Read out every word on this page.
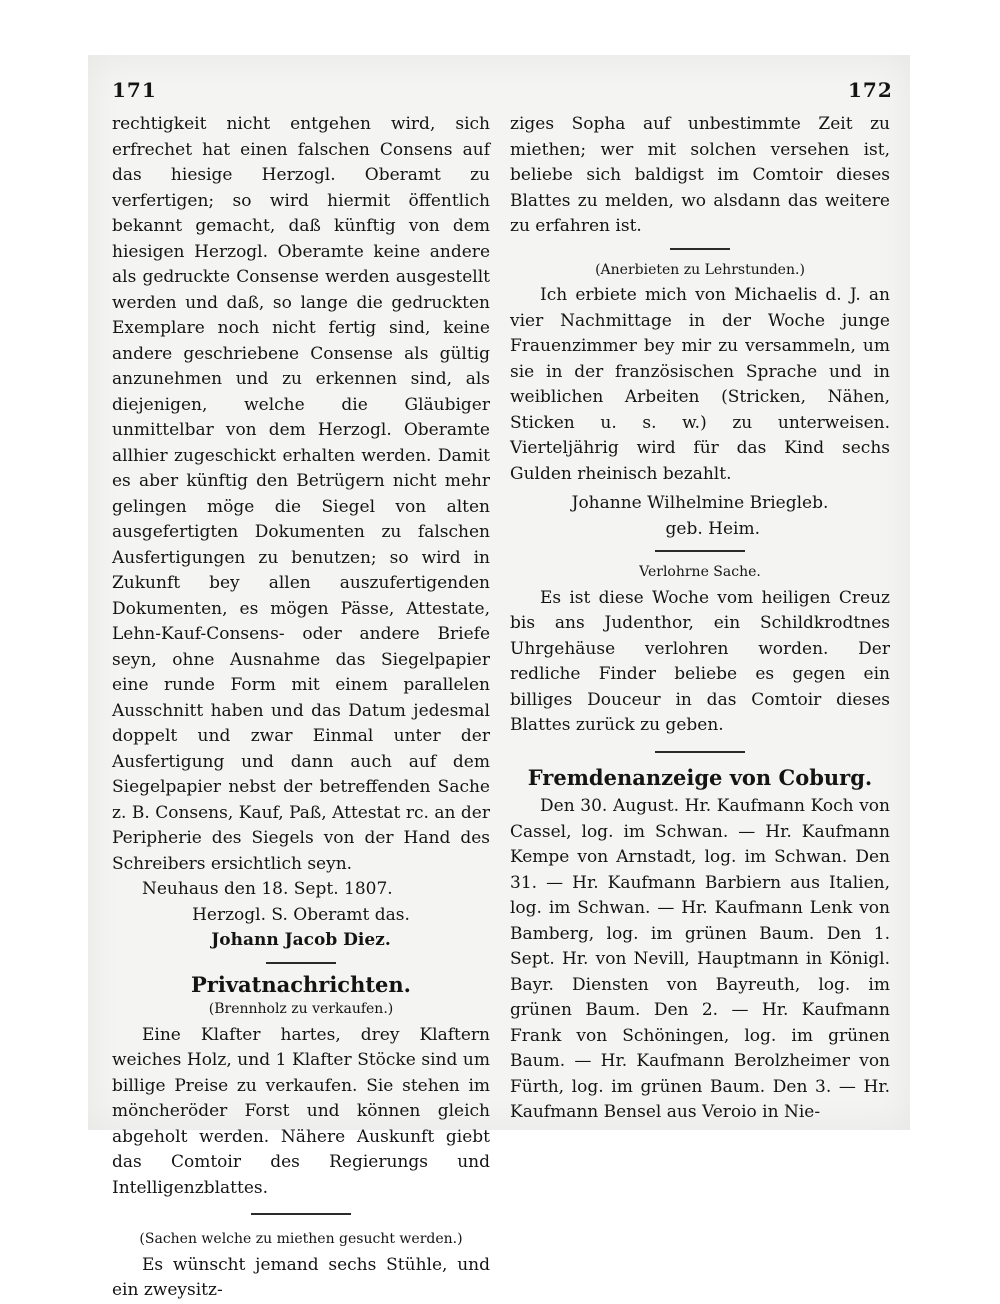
171	172

rechtigkeit nicht entgehen wird, sich erfrechet hat einen falschen Consens auf das hiesige Herzogl. Oberamt zu verfertigen; so wird hiermit öffentlich bekannt gemacht, daß künftig von dem hiesigen Herzogl. Oberamte keine andere als gedruckte Consense werden ausgestellt werden und daß, so lange die gedruckten Exemplare noch nicht fertig sind, keine andere geschriebene Consense als gültig anzunehmen und zu erkennen sind, als diejenigen, welche die Gläubiger unmittelbar von dem Herzogl. Oberamte allhier zugeschickt erhalten werden. Damit es aber künftig den Betrügern nicht mehr gelingen möge die Siegel von alten ausgefertigten Dokumenten zu falschen Ausfertigungen zu benutzen; so wird in Zukunft bey allen auszufertigenden Dokumenten, es mögen Pässe, Attestate, Lehn-Kauf-Consens- oder andere Briefe seyn, ohne Ausnahme das Siegelpapier eine runde Form mit einem parallelen Ausschnitt haben und das Datum jedesmal doppelt und zwar Einmal unter der Ausfertigung und dann auch auf dem Siegelpapier nebst der betreffenden Sache z. B. Consens, Kauf, Paß, Attestat rc. an der Peripherie des Siegels von der Hand des Schreibers ersichtlich seyn.

Neuhaus den 18. Sept. 1807.

Herzogl. S. Oberamt das.

Johann Jacob Diez.

Privatnachrichten.

(Brennholz zu verkaufen.)

Eine Klafter hartes, drey Klaftern weiches Holz, und 1 Klafter Stöcke sind um billige Preise zu verkaufen. Sie stehen im möncheröder Forst und können gleich abgeholt werden. Nähere Auskunft giebt das Comtoir des Regierungs und Intelligenzblattes.

(Sachen welche zu miethen gesucht werden.)

Es wünscht jemand sechs Stühle, und ein zweysitz-

ziges Sopha auf unbestimmte Zeit zu miethen; wer mit solchen versehen ist, beliebe sich baldigst im Comtoir dieses Blattes zu melden, wo alsdann das weitere zu erfahren ist.

(Anerbieten zu Lehrstunden.)

Ich erbiete mich von Michaelis d. J. an vier Nachmittage in der Woche junge Frauenzimmer bey mir zu versammeln, um sie in der französischen Sprache und in weiblichen Arbeiten (Stricken, Nähen, Sticken u. s. w.) zu unterweisen. Vierteljährig wird für das Kind sechs Gulden rheinisch bezahlt.

Johanne Wilhelmine Briegleb.

geb. Heim.

Verlohrne Sache.

Es ist diese Woche vom heiligen Creuz bis ans Judenthor, ein Schildkrodtnes Uhrgehäuse verlohren worden. Der redliche Finder beliebe es gegen ein billiges Douceur in das Comtoir dieses Blattes zurück zu geben.

Fremdenanzeige von Coburg.

Den 30. August. Hr. Kaufmann Koch von Cassel, log. im Schwan. — Hr. Kaufmann Kempe von Arnstadt, log. im Schwan. Den 31. — Hr. Kaufmann Barbiern aus Italien, log. im Schwan. — Hr. Kaufmann Lenk von Bamberg, log. im grünen Baum. Den 1. Sept. Hr. von Nevill, Hauptmann in Königl. Bayr. Diensten von Bayreuth, log. im grünen Baum. Den 2. — Hr. Kaufmann Frank von Schöningen, log. im grünen Baum. — Hr. Kaufmann Berolzheimer von Fürth, log. im grünen Baum. Den 3. — Hr. Kaufmann Bensel aus Veroio in Nie-
